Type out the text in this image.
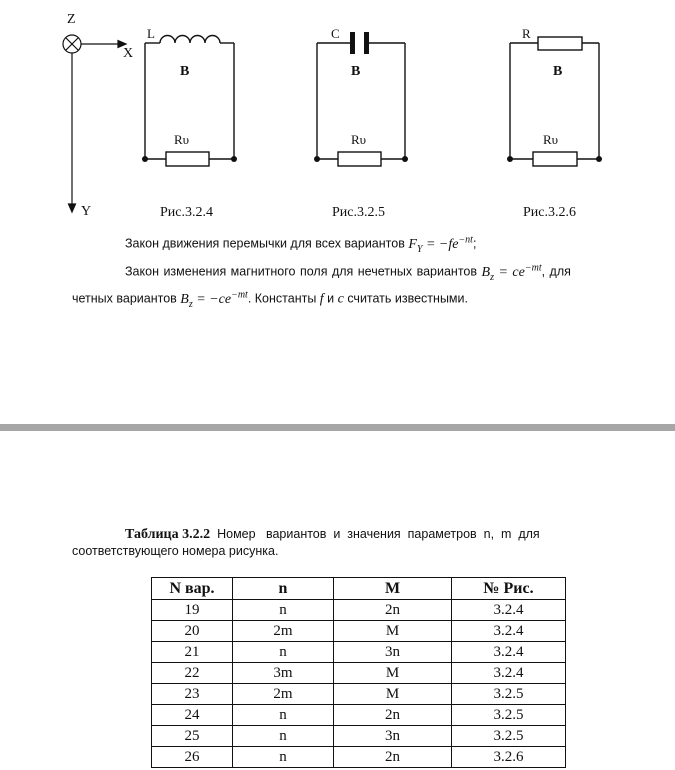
Z
X
Y
L
B
Rυ
Рис.3.2.4
C
B
Rυ
Рис.3.2.5
R
B
Rυ
Рис.3.2.6
Закон движения перемычки для всех вариантов $F_Y = -fe^{-nt}$;
Закон изменения магнитного поля для нечетных вариантов $B_z = ce^{-mt}$, для
четных вариантов $B_z = -ce^{-mt}$. Константы f и c считать известными.
Таблица 3.2.2  Номер   вариантов  и  значения  параметров  n,  m  для
соответствующего номера рисунка.
N вар.	n	M	№ Рис.
19	n	2n	3.2.4
20	2m	M	3.2.4
21	n	3n	3.2.4
22	3m	M	3.2.4
23	2m	M	3.2.5
24	n	2n	3.2.5
25	n	3n	3.2.5
26	n	2n	3.2.6
